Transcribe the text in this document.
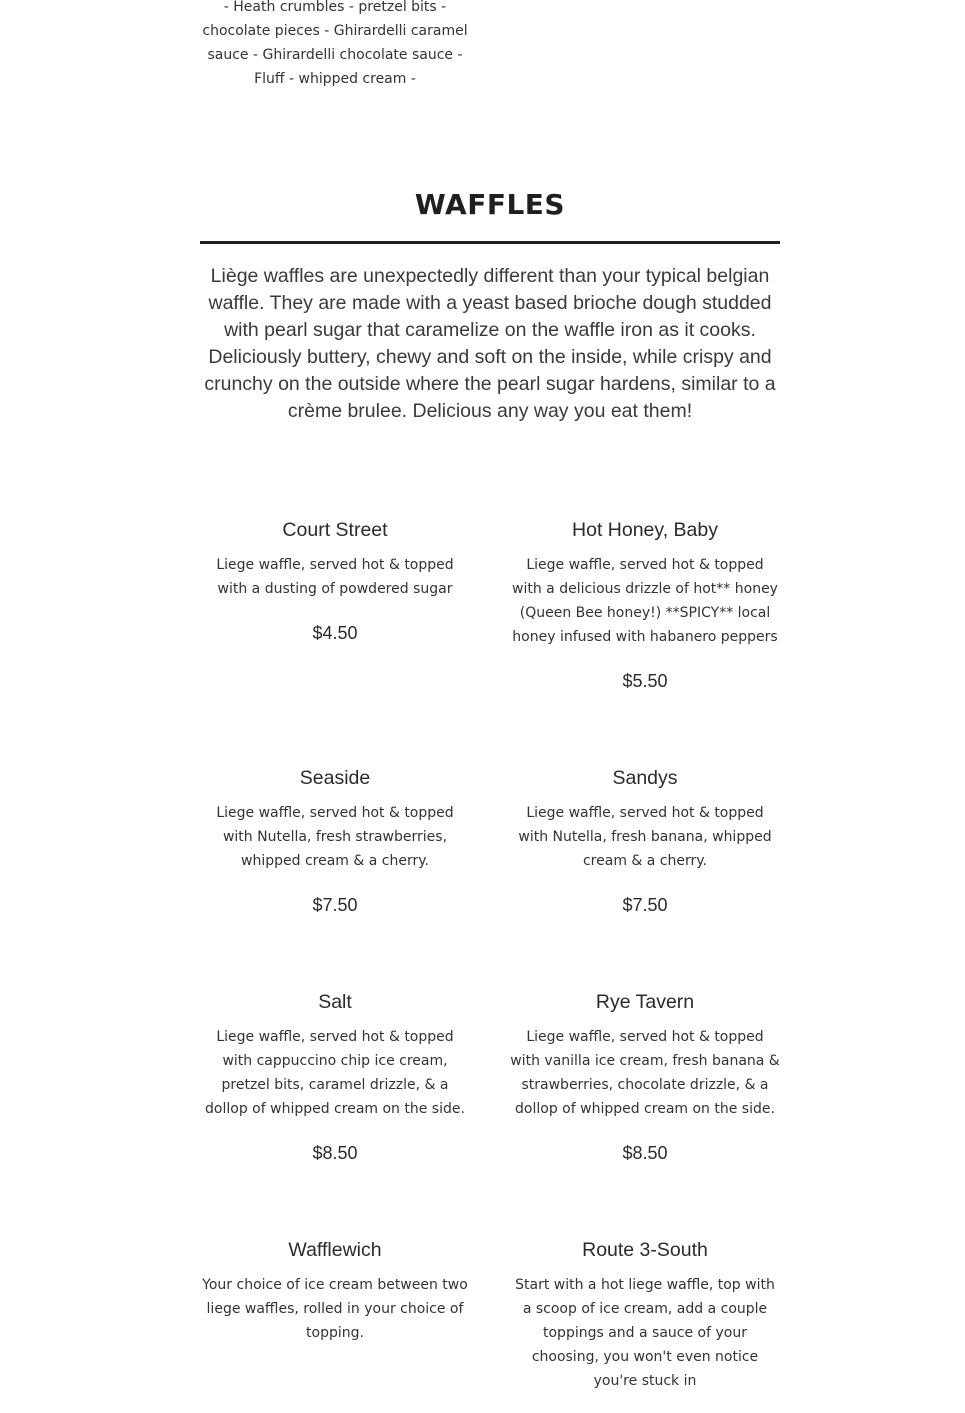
- Heath crumbles - pretzel bits - chocolate pieces - Ghirardelli caramel sauce - Ghirardelli chocolate sauce - Fluff - whipped cream -
WAFFLES

Liège waffles are unexpectedly different than your typical belgian waffle. They are made with a yeast based brioche dough studded with pearl sugar that caramelize on the waffle iron as it cooks. Deliciously buttery, chewy and soft on the inside, while crispy and crunchy on the outside where the pearl sugar hardens, similar to a crème brulee. Delicious any way you eat them!

Court Street

Liege waffle, served hot & topped with a dusting of powdered sugar

$4.50

Hot Honey, Baby

Liege waffle, served hot & topped with a delicious drizzle of hot** honey (Queen Bee honey!) **SPICY** local honey infused with habanero peppers

$5.50

Seaside

Liege waffle, served hot & topped with Nutella, fresh strawberries, whipped cream & a cherry.

$7.50

Sandys

Liege waffle, served hot & topped with Nutella, fresh banana, whipped cream & a cherry.

$7.50

Salt

Liege waffle, served hot & topped with cappuccino chip ice cream, pretzel bits, caramel drizzle, & a dollop of whipped cream on the side.

$8.50

Rye Tavern

Liege waffle, served hot & topped with vanilla ice cream, fresh banana & strawberries, chocolate drizzle, & a dollop of whipped cream on the side.

$8.50

Wafflewich

Your choice of ice cream between two liege waffles, rolled in your choice of topping.

Route 3-South

Start with a hot liege waffle, top with a scoop of ice cream, add a couple toppings and a sauce of your choosing, you won't even notice you're stuck in
